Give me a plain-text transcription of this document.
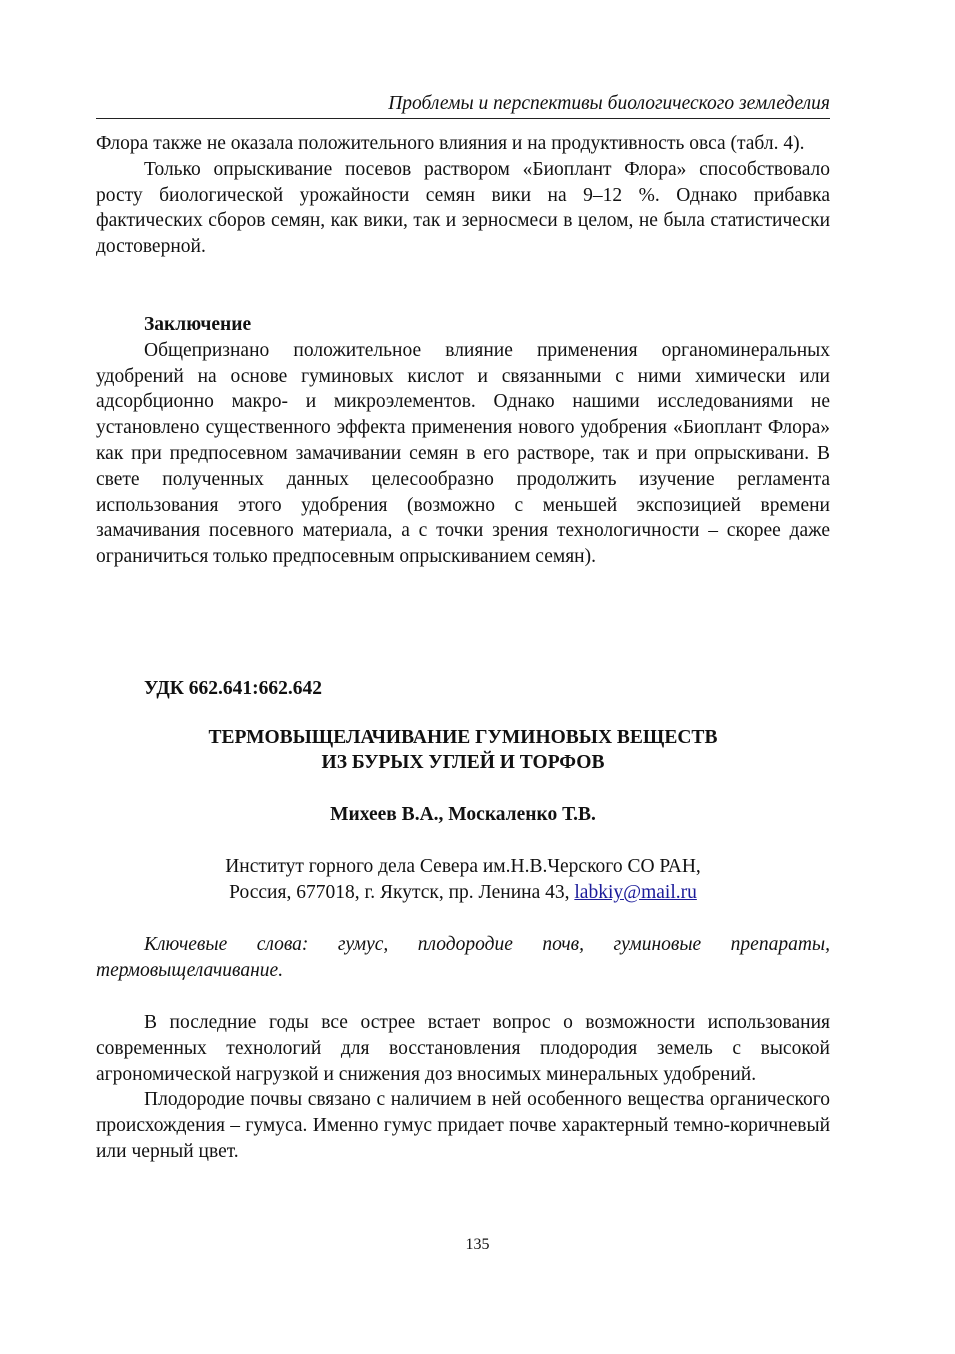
Проблемы и перспективы биологического земледелия

Флора также не оказала положительного влияния и на продуктивность овса (табл. 4).

Только опрыскивание посевов раствором «Биоплант Флора» способствовало росту биологической урожайности семян вики на 9–12 %. Однако прибавка фактических сборов семян, как вики, так и зерносмеси в целом, не была статистически достоверной.

Заключение

Общепризнано положительное влияние применения органоминеральных удобрений на основе гуминовых кислот и связанными с ними химически или адсорбционно макро- и микроэлементов. Однако нашими исследованиями не установлено существенного эффекта применения нового удобрения «Биоплант Флора» как при предпосевном замачивании семян в его растворе, так и при опрыскивани. В свете полученных данных целесообразно продолжить изучение регламента использования этого удобрения (возможно с меньшей экспозицией времени замачивания посевного материала, а с точки зрения технологичности – скорее даже ограничиться только предпосевным опрыскиванием семян).

УДК 662.641:662.642
ТЕРМОВЫЩЕЛАЧИВАНИЕ ГУМИНОВЫХ ВЕЩЕСТВ
ИЗ БУРЫХ УГЛЕЙ И ТОРФОВ
Михеев В.А., Москаленко Т.В.
Институт горного дела Севера им.Н.В.Черского СО РАН,
Россия, 677018, г. Якутск, пр. Ленина 43, labkiy@mail.ru
Ключевые слова: гумус, плодородие почв, гуминовые препараты, термовыщелачивание.

В последние годы все острее встает вопрос о возможности использования современных технологий для восстановления плодородия земель с высокой агрономической нагрузкой и снижения доз вносимых минеральных удобрений.

Плодородие почвы связано с наличием в ней особенного вещества органического происхождения – гумуса. Именно гумус придает почве характерный темно-коричневый или черный цвет.

135
